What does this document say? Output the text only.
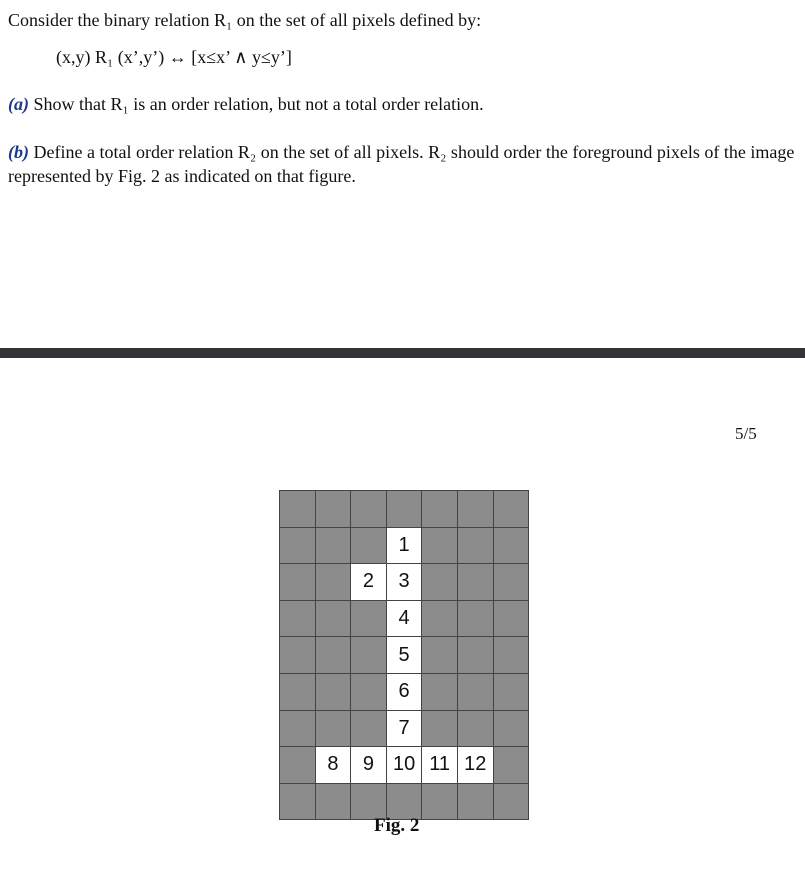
Consider the binary relation R₁ on the set of all pixels defined by:
(x,y) R₁ (x’,y’) ↔ [x≤x’ ∧ y≤y’]
(a) Show that R₁ is an order relation, but not a total order relation.
(b) Define a total order relation R₂ on the set of all pixels. R₂ should order the foreground pixels of the image represented by Fig. 2 as indicated on that figure.
5/5
1
2	3
4
5
6
7
8	9 10 11 12
Fig. 2
